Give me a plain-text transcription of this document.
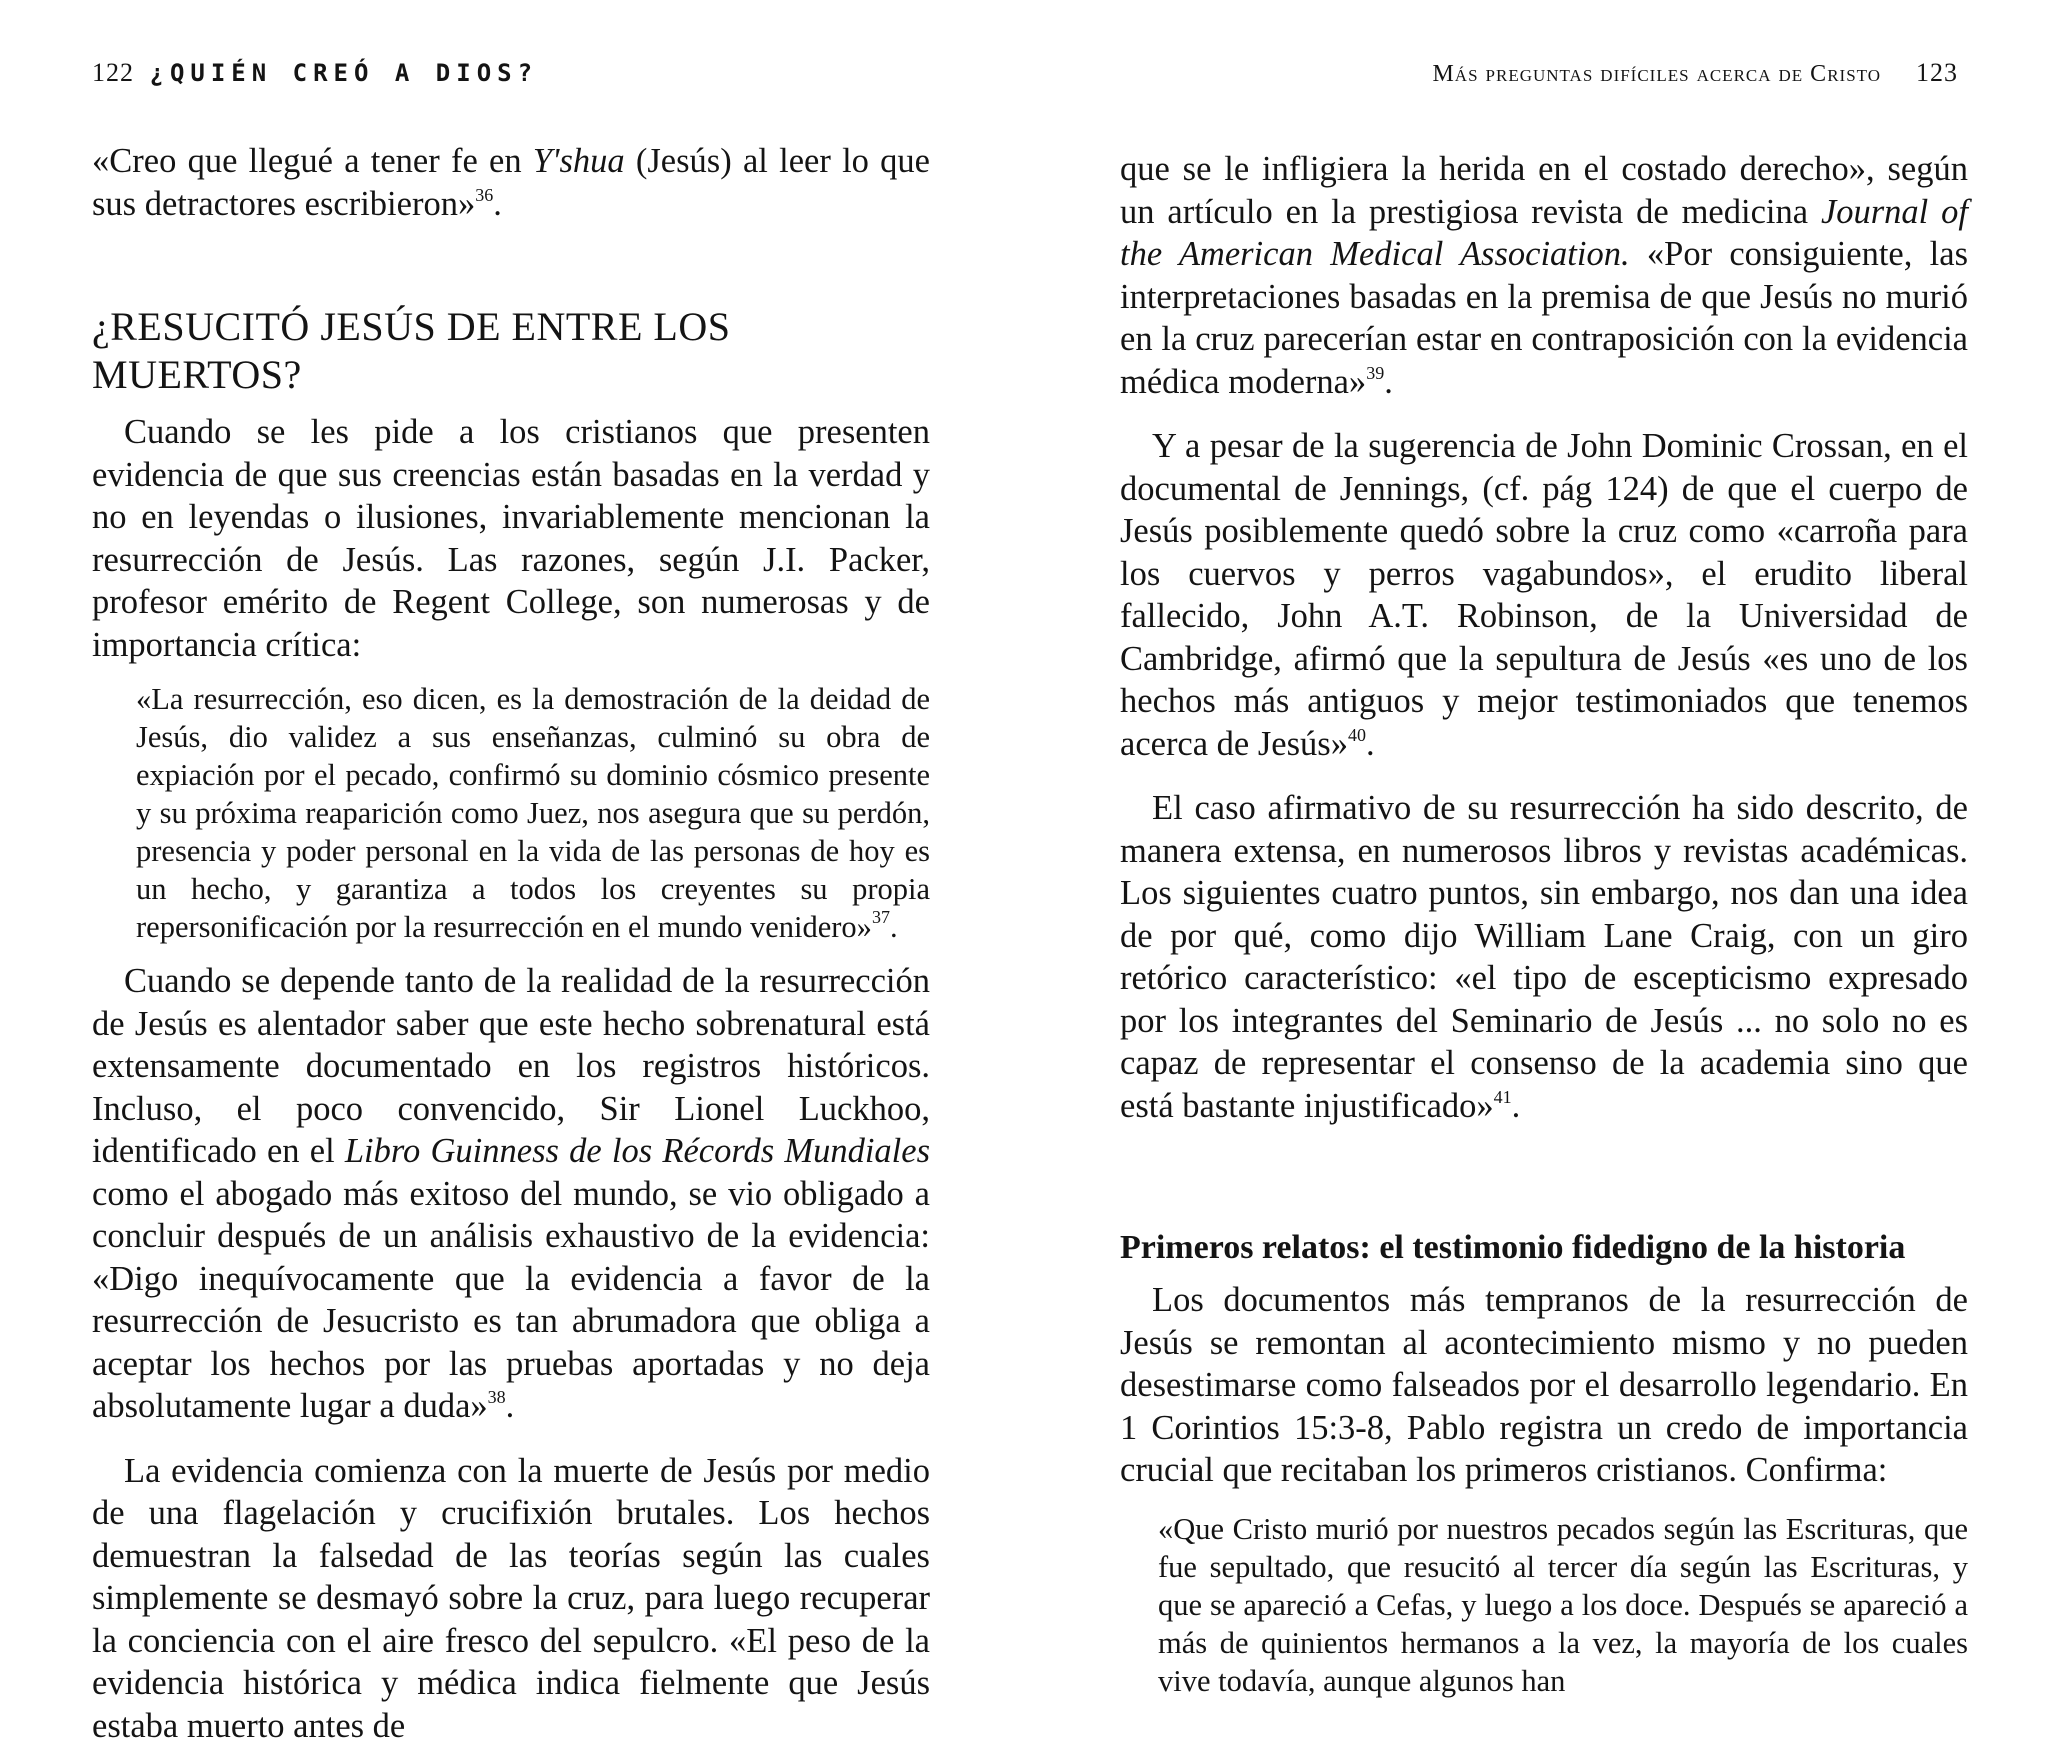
122 ¿QUIÉN CREÓ A DIOS?

«Creo que llegué a tener fe en Y'shua (Jesús) al leer lo que sus detractores escribieron»$^{36}$.

¿RESUCITÓ JESÚS DE ENTRE LOS MUERTOS?

Cuando se les pide a los cristianos que presenten evidencia de que sus creencias están basadas en la verdad y no en leyendas o ilusiones, invariablemente mencionan la resurrección de Jesús. Las razones, según J.I. Packer, profesor emérito de Regent College, son numerosas y de importancia crítica:

«La resurrección, eso dicen, es la demostración de la deidad de Jesús, dio validez a sus enseñanzas, culminó su obra de expiación por el pecado, confirmó su dominio cósmico presente y su próxima reaparición como Juez, nos asegura que su perdón, presencia y poder personal en la vida de las personas de hoy es un hecho, y garantiza a todos los creyentes su propia repersonificación por la resurrección en el mundo venidero»$^{37}$.

Cuando se depende tanto de la realidad de la resurrección de Jesús es alentador saber que este hecho sobrenatural está extensamente documentado en los registros históricos. Incluso, el poco convencido, Sir Lionel Luckhoo, identificado en el Libro Guinness de los Récords Mundiales como el abogado más exitoso del mundo, se vio obligado a concluir después de un análisis exhaustivo de la evidencia: «Digo inequívocamente que la evidencia a favor de la resurrección de Jesucristo es tan abrumadora que obliga a aceptar los hechos por las pruebas aportadas y no deja absolutamente lugar a duda»$^{38}$.

La evidencia comienza con la muerte de Jesús por medio de una flagelación y crucifixión brutales. Los hechos demuestran la falsedad de las teorías según las cuales simplemente se desmayó sobre la cruz, para luego recuperar la conciencia con el aire fresco del sepulcro. «El peso de la evidencia histórica y médica indica fielmente que Jesús estaba muerto antes de

Más preguntas difíciles acerca de Cristo 123

que se le infligiera la herida en el costado derecho», según un artículo en la prestigiosa revista de medicina Journal of the American Medical Association. «Por consiguiente, las interpretaciones basadas en la premisa de que Jesús no murió en la cruz parecerían estar en contraposición con la evidencia médica moderna»$^{39}$.

Y a pesar de la sugerencia de John Dominic Crossan, en el documental de Jennings, (cf. pág 124) de que el cuerpo de Jesús posiblemente quedó sobre la cruz como «carroña para los cuervos y perros vagabundos», el erudito liberal fallecido, John A.T. Robinson, de la Universidad de Cambridge, afirmó que la sepultura de Jesús «es uno de los hechos más antiguos y mejor testimoniados que tenemos acerca de Jesús»$^{40}$.

El caso afirmativo de su resurrección ha sido descrito, de manera extensa, en numerosos libros y revistas académicas. Los siguientes cuatro puntos, sin embargo, nos dan una idea de por qué, como dijo William Lane Craig, con un giro retórico característico: «el tipo de escepticismo expresado por los integrantes del Seminario de Jesús ... no solo no es capaz de representar el consenso de la academia sino que está bastante injustificado»$^{41}$.

Primeros relatos: el testimonio fidedigno de la historia

Los documentos más tempranos de la resurrección de Jesús se remontan al acontecimiento mismo y no pueden desestimarse como falseados por el desarrollo legendario. En 1 Corintios 15:3-8, Pablo registra un credo de importancia crucial que recitaban los primeros cristianos. Confirma:

«Que Cristo murió por nuestros pecados según las Escrituras, que fue sepultado, que resucitó al tercer día según las Escrituras, y que se apareció a Cefas, y luego a los doce. Después se apareció a más de quinientos hermanos a la vez, la mayoría de los cuales vive todavía, aunque algunos han
